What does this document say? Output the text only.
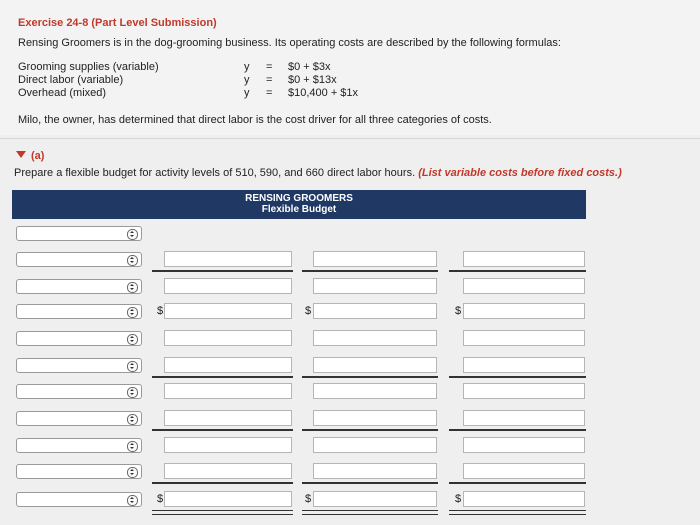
Exercise 24-8 (Part Level Submission)
Rensing Groomers is in the dog-grooming business. Its operating costs are described by the following formulas:
Grooming supplies (variable)	y = $0 + $3x
Direct labor (variable)	y = $0 + $13x
Overhead (mixed)	y = $10,400 + $1x
Milo, the owner, has determined that direct labor is the cost driver for all three categories of costs.
(a)
Prepare a flexible budget for activity levels of 510, 590, and 660 direct labor hours. (List variable costs before fixed costs.)
RENSING GROOMERS
Flexible Budget
$	$	$
$	$	$
